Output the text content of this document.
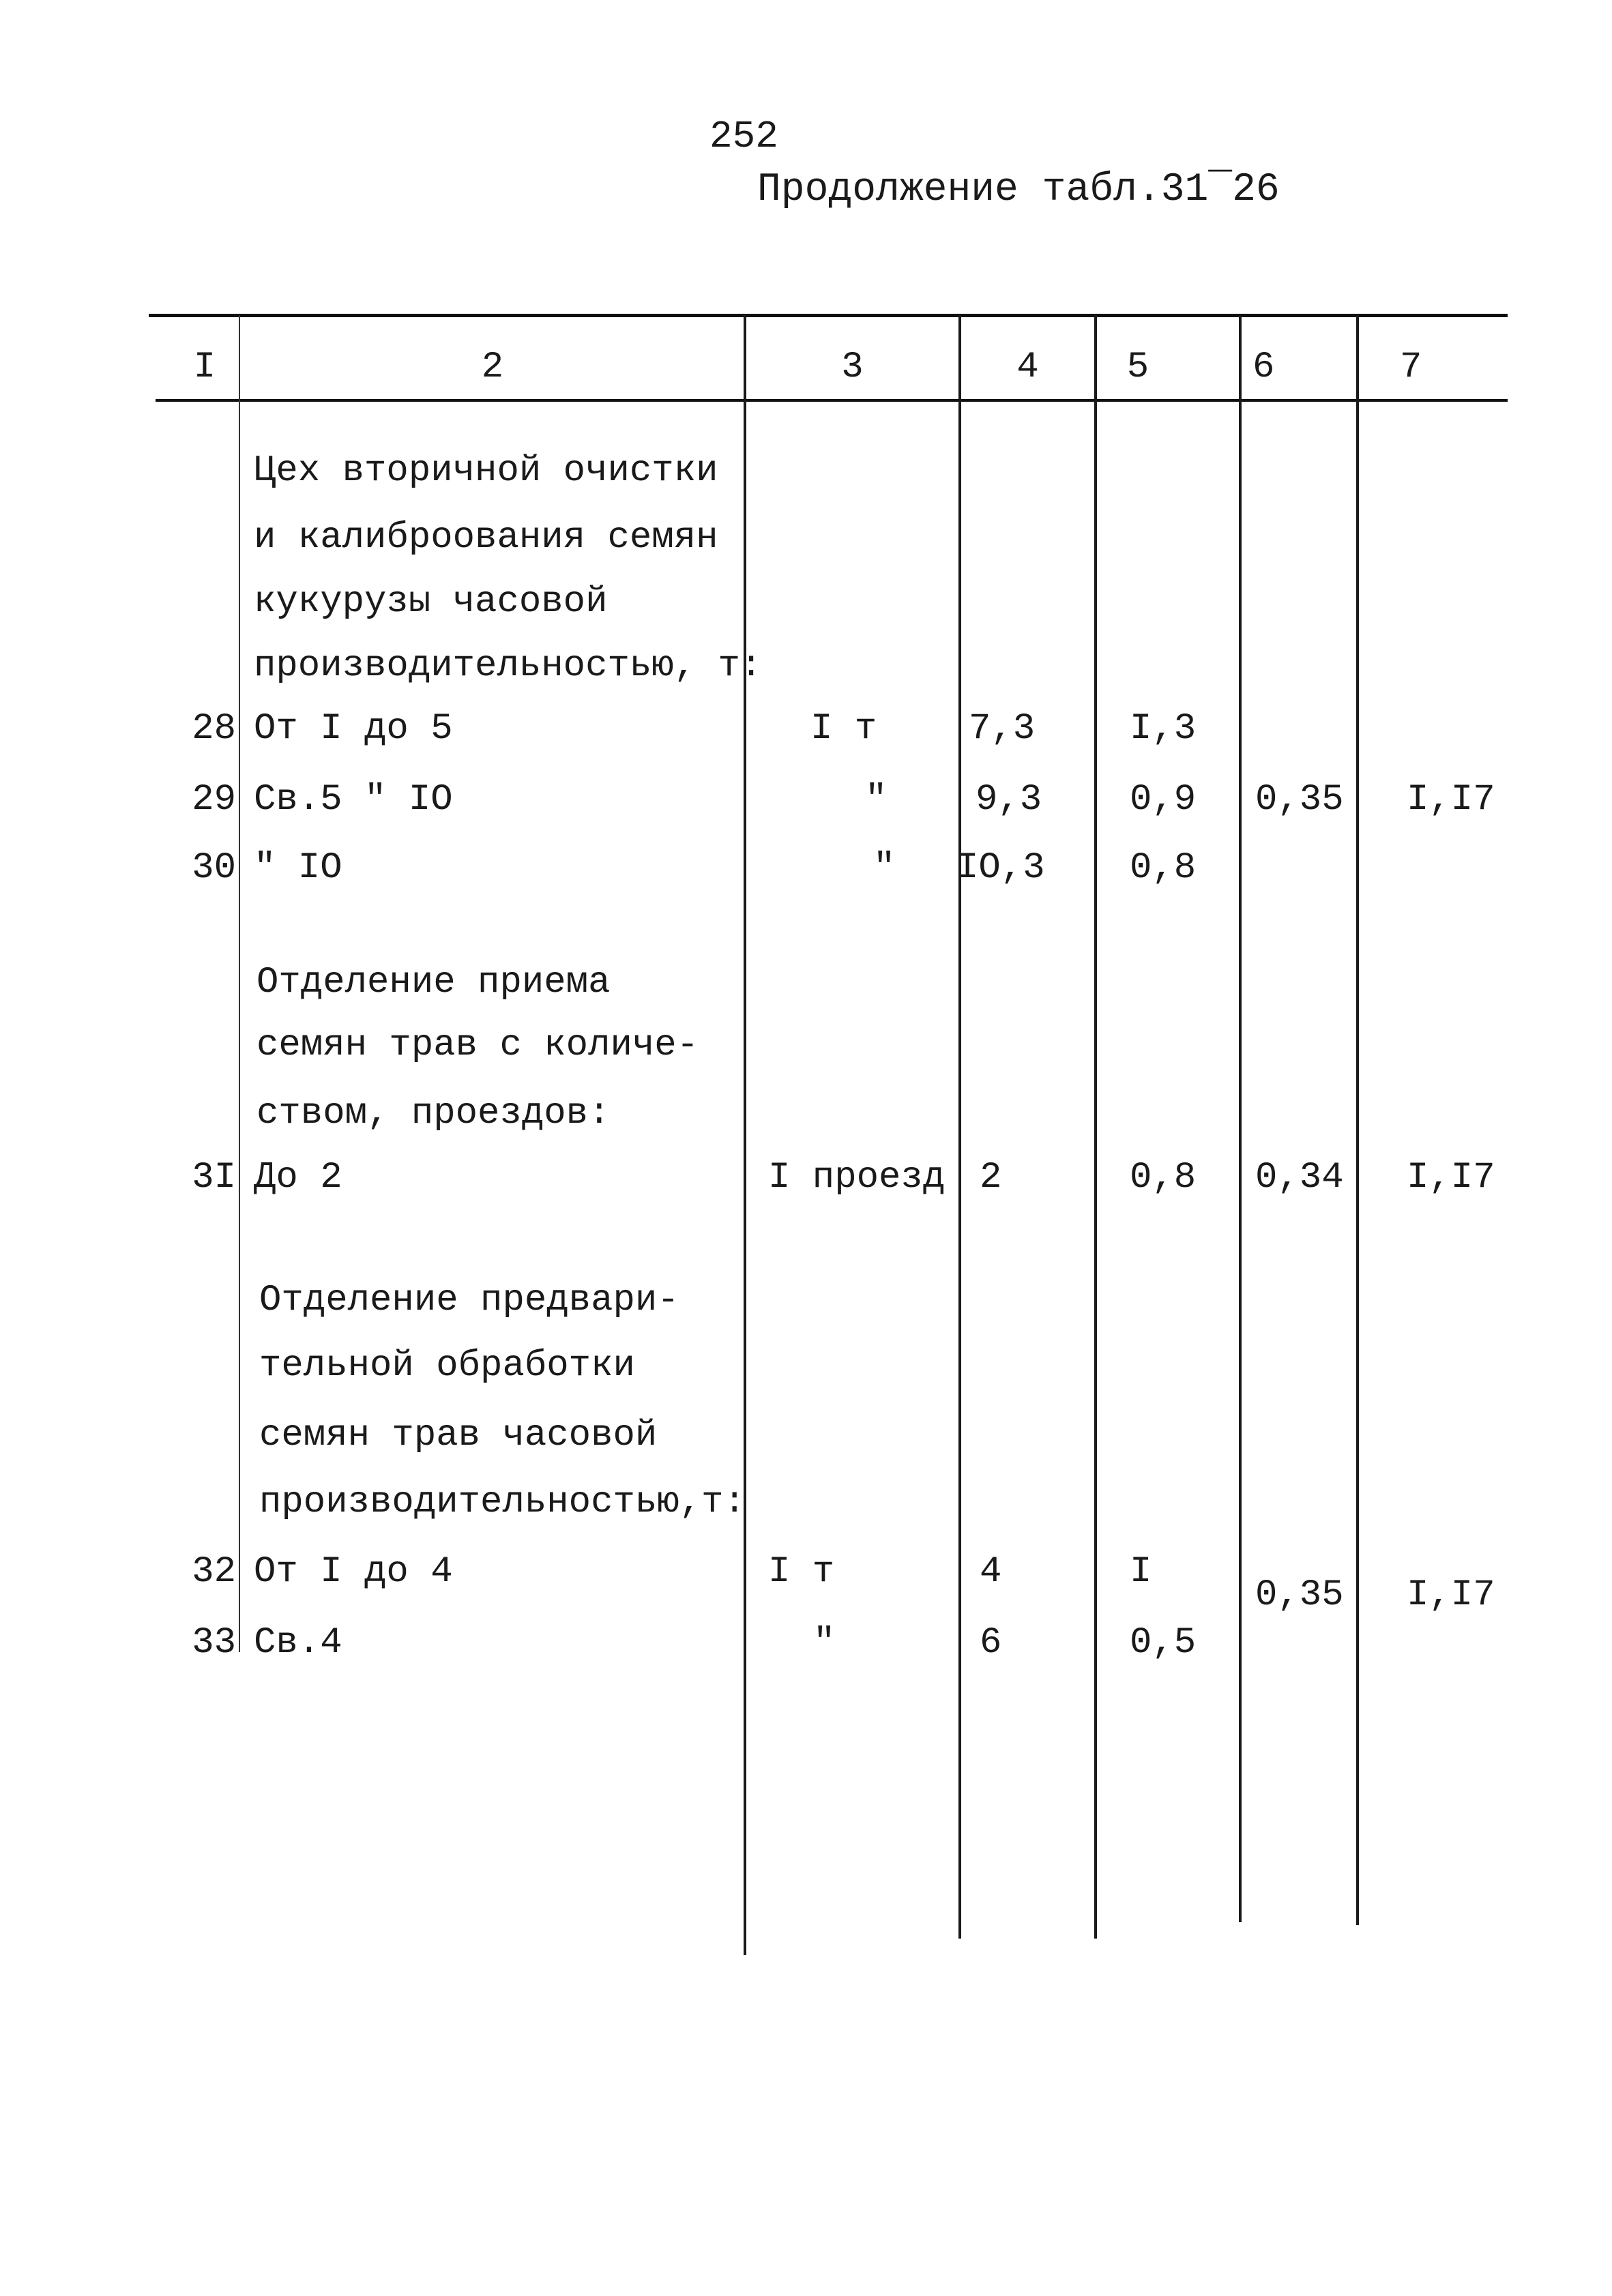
252
Продолжение табл.31‾26
I	2	3	4	5	6	7
Цех вторичной очистки
и калиброования семян
кукурузы часовой
производительностью, т:
28 От I до 5	I т 7,3	I,3
29 Св.5 " IO	" 9,3 0,9 0,35 I,I7
30 " IO	" IO,3 0,8
Отделение приема
семян трав с количе-
ством, проездов:
3I До 2	I проезд 2	0,8 0,34 I,I7
Отделение предвари-
тельной обработки
семян трав часовой
производительностью,т:
32 От I до 4	I т	4	I
0,35 I,I7
33 Св.4	"	6	0,5
